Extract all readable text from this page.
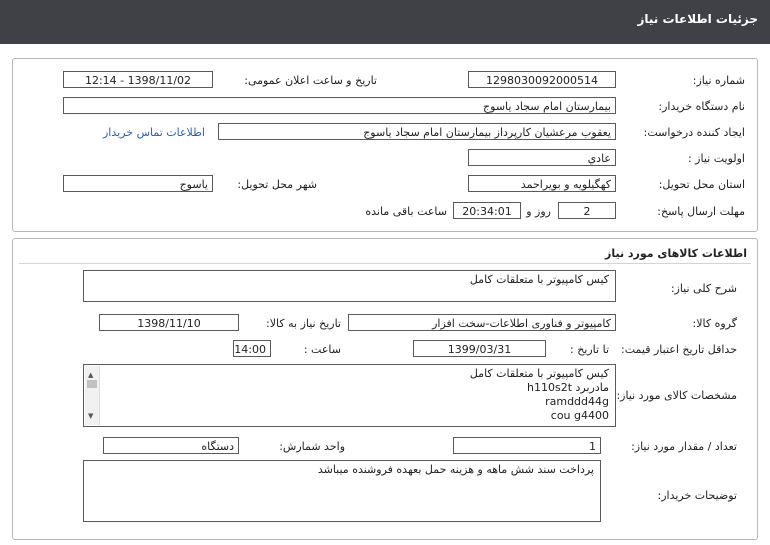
جزئیات اطلاعات نیاز
شماره نیاز:
1298030092000514
تاریخ و ساعت اعلان عمومی:
1398/11/02 - 12:14
نام دستگاه خریدار:
بیمارستان امام سجاد یاسوج
ایجاد کننده درخواست:
یعقوب مرعشیان کارپرداز بیمارستان امام سجاد یاسوج
اطلاعات تماس خریدار
اولویت نیاز :
عادي
استان محل تحویل:
کهگیلویه و بویراحمد
شهر محل تحویل:
یاسوج
مهلت ارسال پاسخ:
2
روز و
20:34:01
ساعت باقی مانده
اطلاعات کالاهای مورد نیاز
شرح کلی نیاز:
کیس کامپیوتر با متعلقات کامل
گروه کالا:
کامپیوتر و فناوری اطلاعات-سخت افزار
تاریخ نیاز به کالا:
1398/11/10
حداقل تاریخ اعتبار قیمت:
تا تاریخ :
1399/03/31
ساعت :
14:00
مشخصات کالای مورد نیاز:
کیس کامپیوتر با متعلقات کامل
مادربرد h110s2t
ramddd44g
cou g4400
▲
▼
تعداد / مقدار مورد نیاز:
1
واحد شمارش:
دستگاه
توضیحات خریدار:
پرداخت سند شش ماهه و هزینه حمل بعهده فروشنده میباشد
